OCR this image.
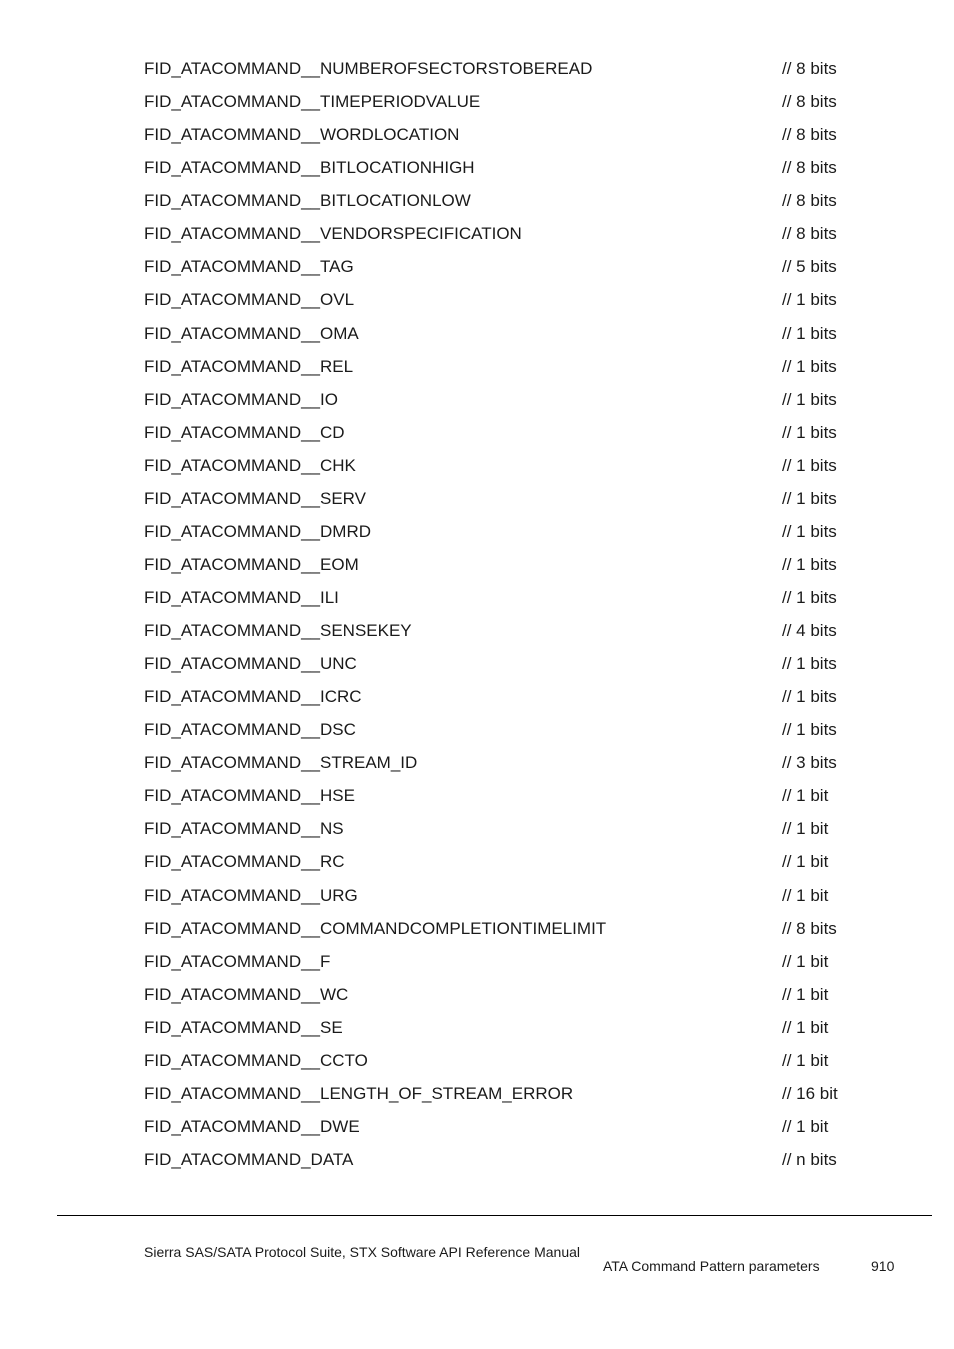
FID_ATACOMMAND__NUMBEROFSECTORSTOBEREAD	// 8 bits
FID_ATACOMMAND__TIMEPERIODVALUE	// 8 bits
FID_ATACOMMAND__WORDLOCATION	// 8 bits
FID_ATACOMMAND__BITLOCATIONHIGH	// 8 bits
FID_ATACOMMAND__BITLOCATIONLOW	// 8 bits
FID_ATACOMMAND__VENDORSPECIFICATION	// 8 bits
FID_ATACOMMAND__TAG	// 5 bits
FID_ATACOMMAND__OVL	// 1 bits
FID_ATACOMMAND__OMA	// 1 bits
FID_ATACOMMAND__REL	// 1 bits
FID_ATACOMMAND__IO	// 1 bits
FID_ATACOMMAND__CD	// 1 bits
FID_ATACOMMAND__CHK	// 1 bits
FID_ATACOMMAND__SERV	// 1 bits
FID_ATACOMMAND__DMRD	// 1 bits
FID_ATACOMMAND__EOM	// 1 bits
FID_ATACOMMAND__ILI	// 1 bits
FID_ATACOMMAND__SENSEKEY	// 4 bits
FID_ATACOMMAND__UNC	// 1 bits
FID_ATACOMMAND__ICRC	// 1 bits
FID_ATACOMMAND__DSC	// 1 bits
FID_ATACOMMAND__STREAM_ID	// 3 bits
FID_ATACOMMAND__HSE	// 1 bit
FID_ATACOMMAND__NS	// 1 bit
FID_ATACOMMAND__RC	// 1 bit
FID_ATACOMMAND__URG	// 1 bit
FID_ATACOMMAND__COMMANDCOMPLETIONTIMELIMIT	// 8 bits
FID_ATACOMMAND__F	// 1 bit
FID_ATACOMMAND__WC	// 1 bit
FID_ATACOMMAND__SE	// 1 bit
FID_ATACOMMAND__CCTO	// 1 bit
FID_ATACOMMAND__LENGTH_OF_STREAM_ERROR	// 16 bit
FID_ATACOMMAND__DWE	// 1 bit
FID_ATACOMMAND_DATA	// n bits
Sierra SAS/SATA Protocol Suite, STX Software API Reference Manual
ATA Command Pattern parameters	910
